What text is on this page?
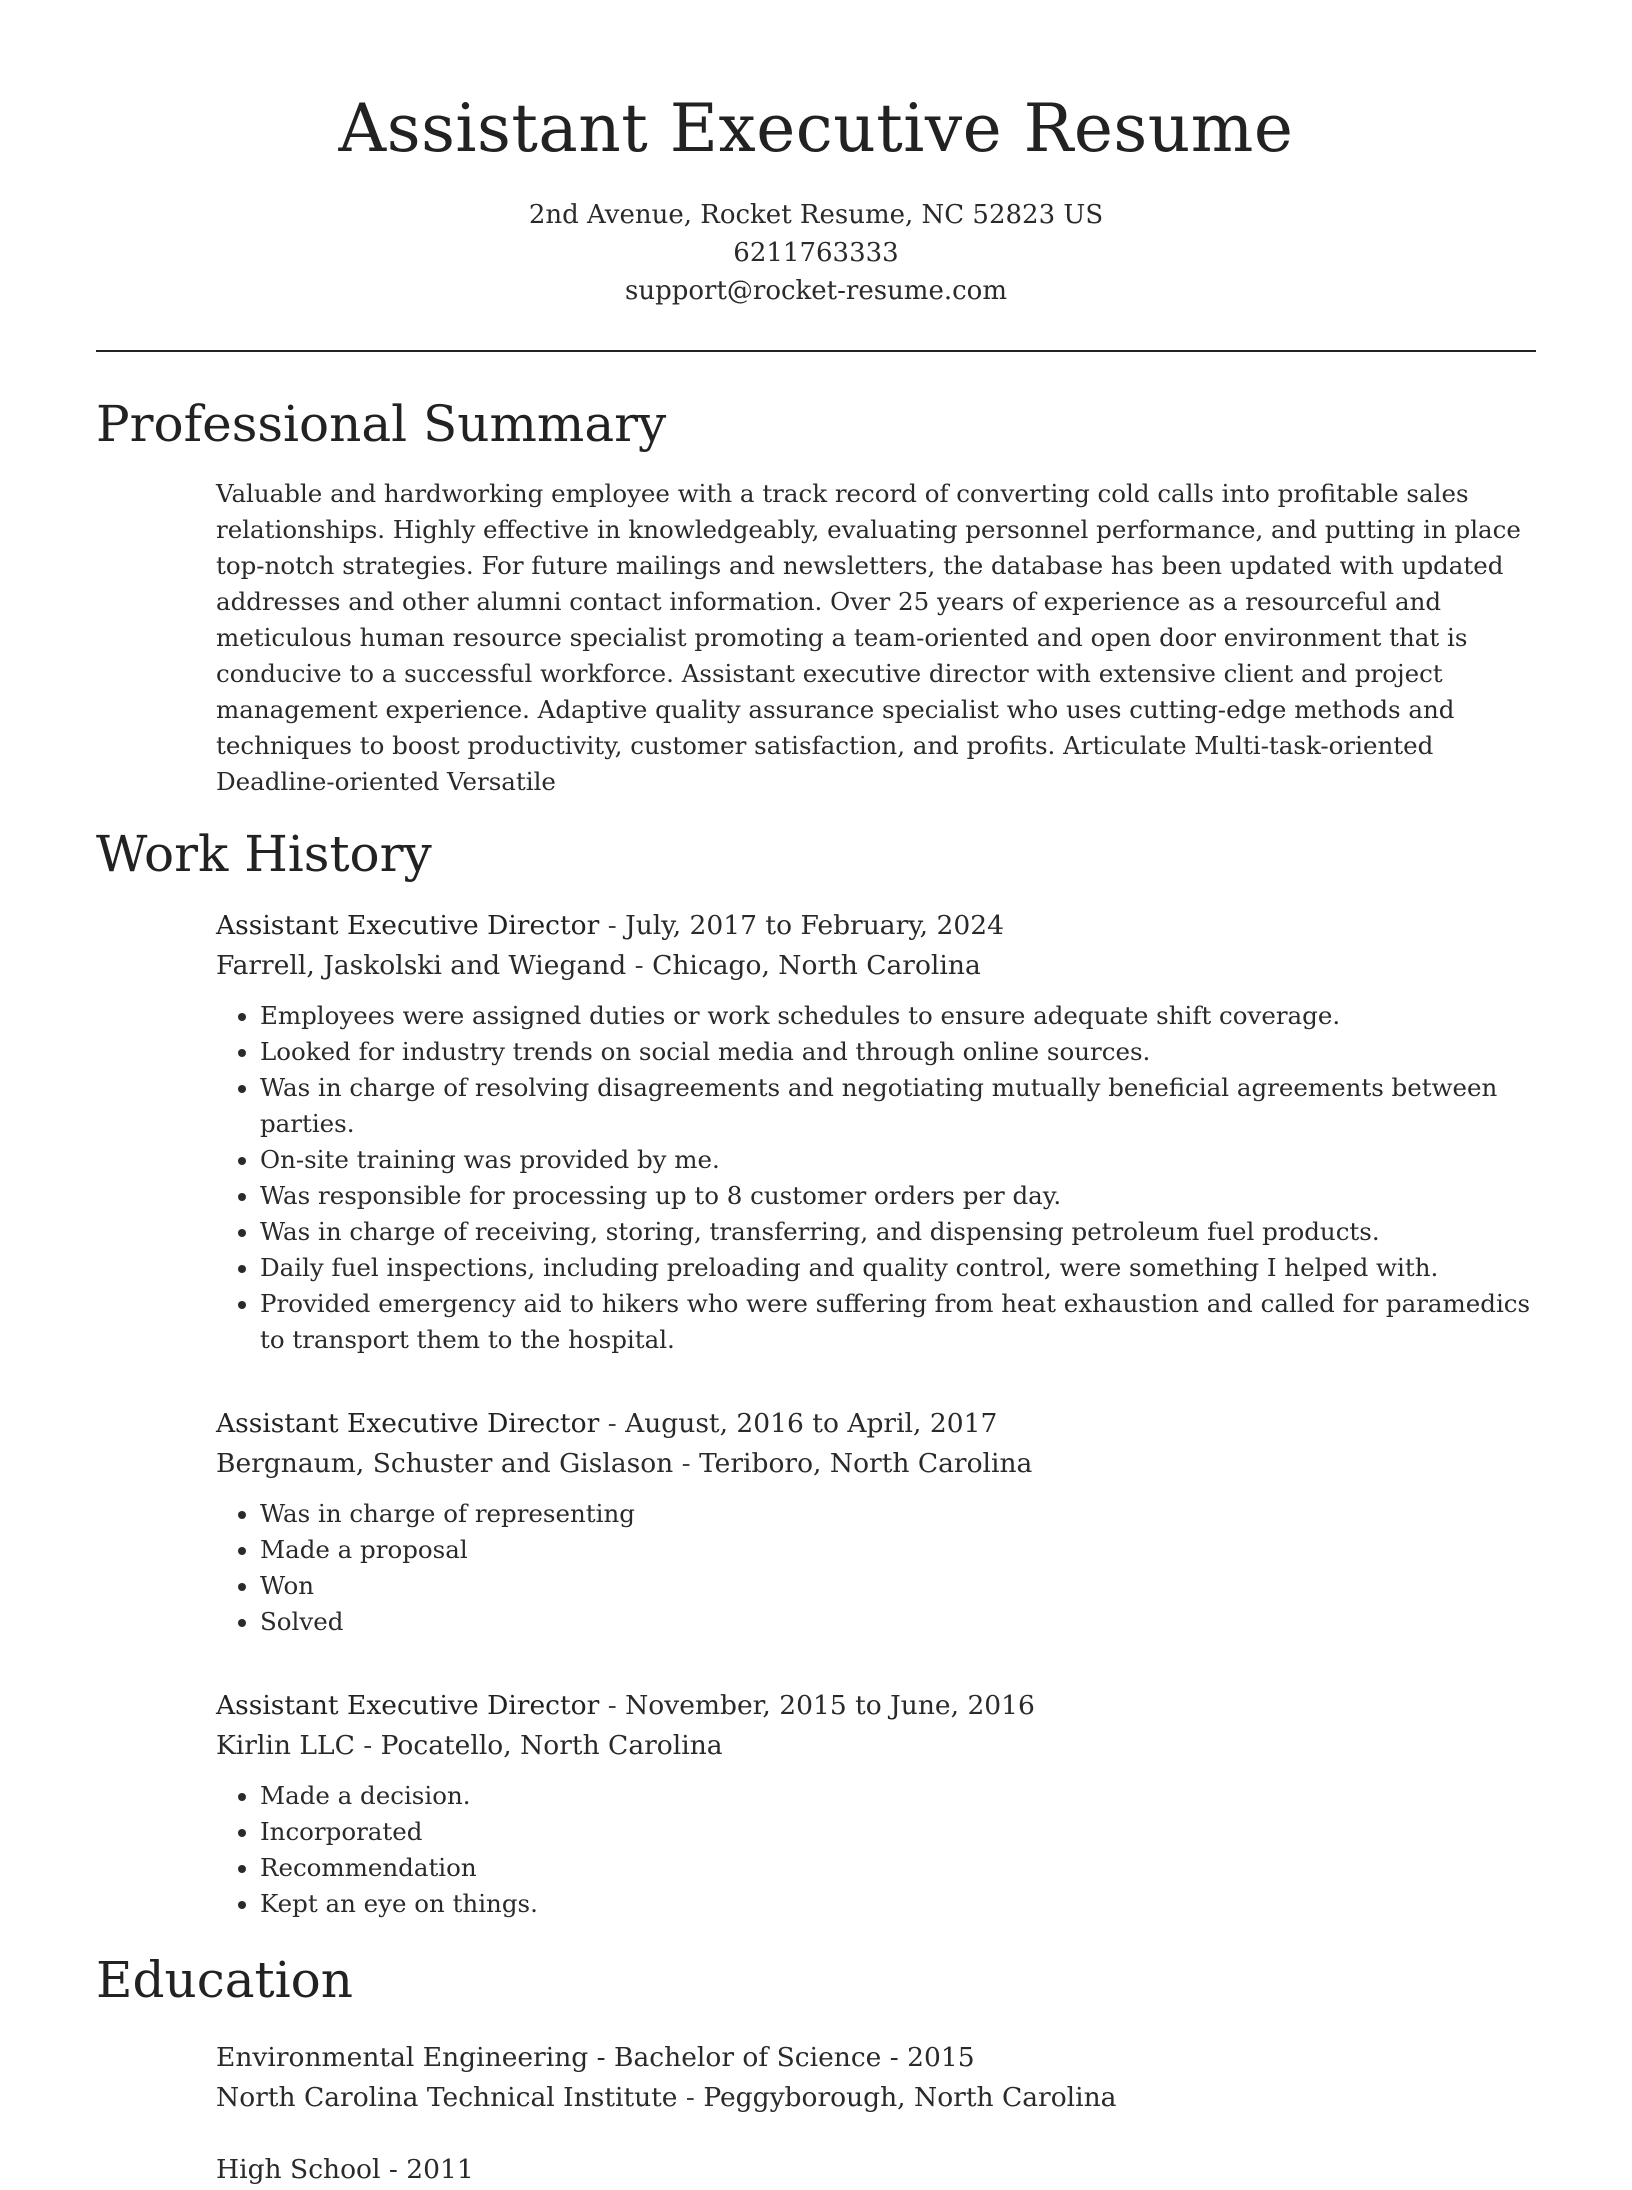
Assistant Executive Resume
2nd Avenue, Rocket Resume, NC 52823 US
6211763333
support@rocket-resume.com
Professional Summary
Valuable and hardworking employee with a track record of converting cold calls into profitable sales relationships. Highly effective in knowledgeably, evaluating personnel performance, and putting in place top-notch strategies. For future mailings and newsletters, the database has been updated with updated addresses and other alumni contact information. Over 25 years of experience as a resourceful and meticulous human resource specialist promoting a team-oriented and open door environment that is conducive to a successful workforce. Assistant executive director with extensive client and project management experience. Adaptive quality assurance specialist who uses cutting-edge methods and techniques to boost productivity, customer satisfaction, and profits. Articulate Multi-task-oriented Deadline-oriented Versatile
Work History
Assistant Executive Director - July, 2017 to February, 2024
Farrell, Jaskolski and Wiegand - Chicago, North Carolina
• Employees were assigned duties or work schedules to ensure adequate shift coverage.
• Looked for industry trends on social media and through online sources.
• Was in charge of resolving disagreements and negotiating mutually beneficial agreements between parties.
• On-site training was provided by me.
• Was responsible for processing up to 8 customer orders per day.
• Was in charge of receiving, storing, transferring, and dispensing petroleum fuel products.
• Daily fuel inspections, including preloading and quality control, were something I helped with.
• Provided emergency aid to hikers who were suffering from heat exhaustion and called for paramedics to transport them to the hospital.
Assistant Executive Director - August, 2016 to April, 2017
Bergnaum, Schuster and Gislason - Teriboro, North Carolina
• Was in charge of representing
• Made a proposal
• Won
• Solved
Assistant Executive Director - November, 2015 to June, 2016
Kirlin LLC - Pocatello, North Carolina
• Made a decision.
• Incorporated
• Recommendation
• Kept an eye on things.
Education
Environmental Engineering - Bachelor of Science - 2015
North Carolina Technical Institute - Peggyborough, North Carolina
High School - 2011
